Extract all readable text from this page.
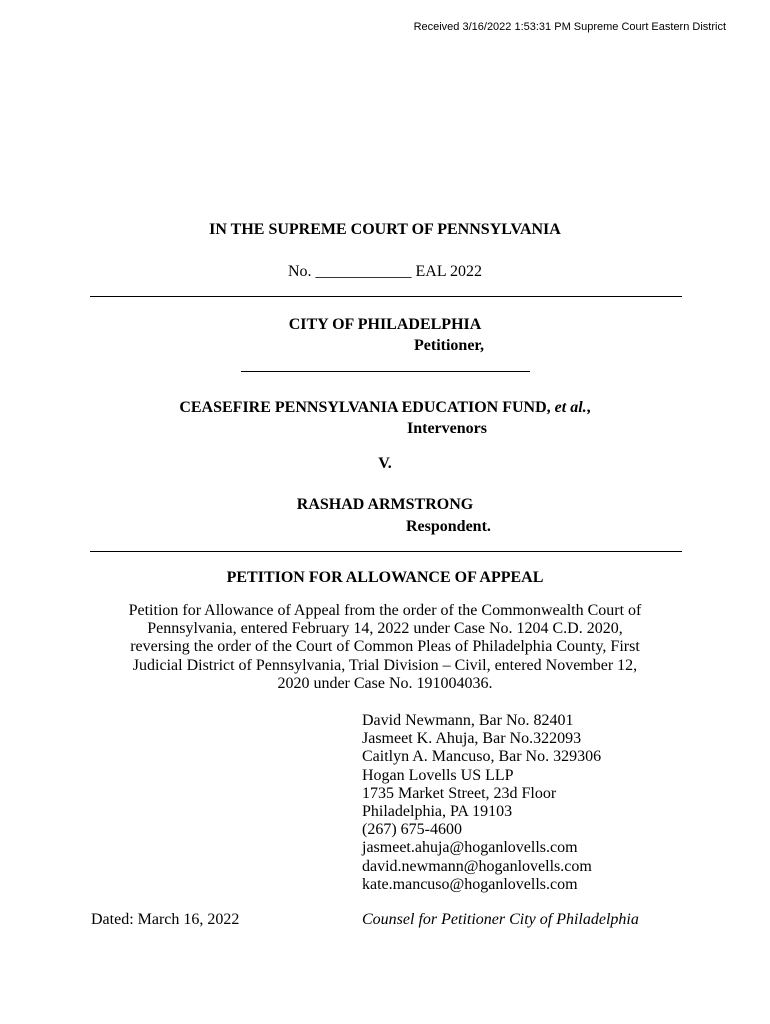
Received 3/16/2022 1:53:31 PM Supreme Court Eastern District
IN THE SUPREME COURT OF PENNSYLVANIA
No. ____________ EAL 2022
CITY OF PHILADELPHIA
Petitioner,
CEASEFIRE PENNSYLVANIA EDUCATION FUND, et al.,
Intervenors
V.
RASHAD ARMSTRONG
Respondent.
PETITION FOR ALLOWANCE OF APPEAL
Petition for Allowance of Appeal from the order of the Commonwealth Court of
Pennsylvania, entered February 14, 2022 under Case No. 1204 C.D. 2020,
reversing the order of the Court of Common Pleas of Philadelphia County, First
Judicial District of Pennsylvania, Trial Division – Civil, entered November 12,
2020 under Case No. 191004036.
David Newmann, Bar No. 82401
Jasmeet K. Ahuja, Bar No.322093
Caitlyn A. Mancuso, Bar No. 329306
Hogan Lovells US LLP
1735 Market Street, 23d Floor
Philadelphia, PA 19103
(267) 675-4600
jasmeet.ahuja@hoganlovells.com
david.newmann@hoganlovells.com
kate.mancuso@hoganlovells.com
Dated: March 16, 2022	Counsel for Petitioner City of Philadelphia
